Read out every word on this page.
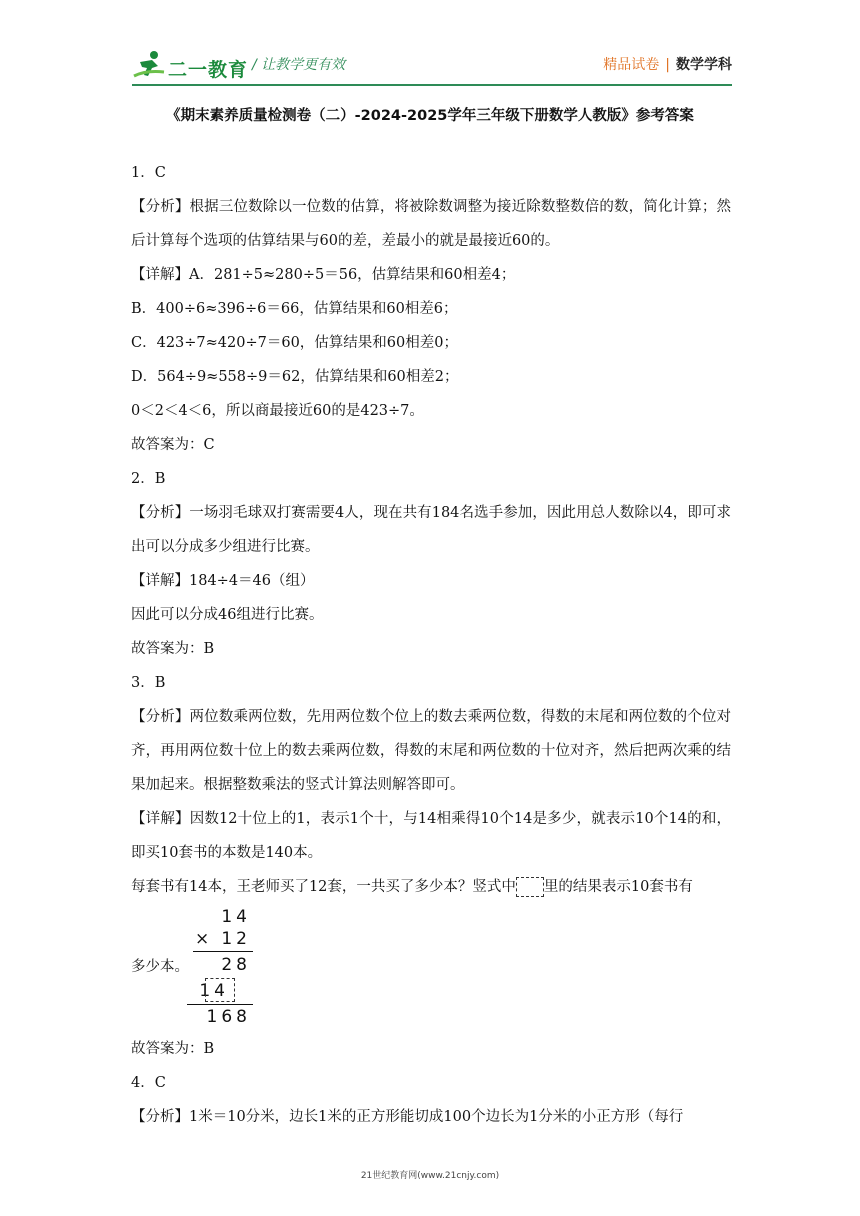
二一教育 / 让教学更有效	精品试卷 | 数学学科
《期末素养质量检测卷（二）-2024-2025学年三年级下册数学人教版》参考答案

1．C

【分析】根据三位数除以一位数的估算，将被除数调整为接近除数整数倍的数，简化计算；然后计算每个选项的估算结果与60的差，差最小的就是最接近60的。

【详解】A．281÷5≈280÷5＝56，估算结果和60相差4；

B．400÷6≈396÷6＝66，估算结果和60相差6；

C．423÷7≈420÷7＝60，估算结果和60相差0；

D．564÷9≈558÷9＝62，估算结果和60相差2；

0＜2＜4＜6，所以商最接近60的是423÷7。

故答案为：C

2．B

【分析】一场羽毛球双打赛需要4人，现在共有184名选手参加，因此用总人数除以4，即可求出可以分成多少组进行比赛。

【详解】184÷4＝46（组）

因此可以分成46组进行比赛。

故答案为：B

3．B

【分析】两位数乘两位数，先用两位数个位上的数去乘两位数，得数的末尾和两位数的个位对齐，再用两位数十位上的数去乘两位数，得数的末尾和两位数的十位对齐，然后把两次乘的结果加起来。根据整数乘法的竖式计算法则解答即可。

【详解】因数12十位上的1，表示1个十，与14相乘得10个14是多少，就表示10个14的和，即买10套书的本数是140本。

每套书有14本，王老师买了12套，一共买了多少本？竖式中 里的结果表示10套书有

多少本。
14
× 12
28
14
168

故答案为：B

4．C

【分析】1米＝10分米，边长1米的正方形能切成100个边长为1分米的小正方形（每行

21世纪教育网(www.21cnjy.com)
